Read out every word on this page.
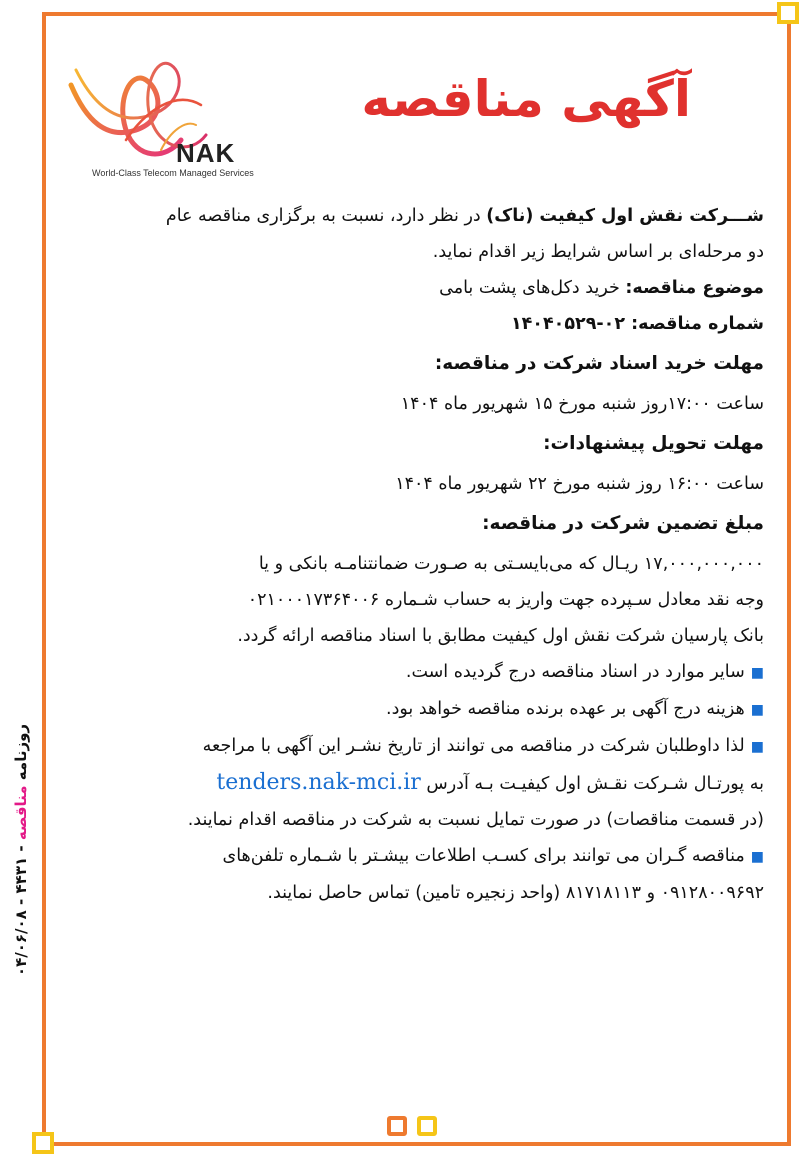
NAK
World-Class Telecom Managed Services
آگهی مناقصه
روزنامه مناقصه - ۴۴۳۱ - ۰۴/۰۶/۰۸
شـــرکت نقش اول کیفیت (ناک) در نظر دارد، نسبت به برگزاری مناقصه عام
دو مرحله‌ای بر اساس شرایط زیر اقدام نماید.
موضوع مناقصه: خرید دکل‌های پشت بامی
شماره مناقصه: ۰۲-۱۴۰۴۰۵۲۹
مهلت خرید اسناد شرکت در مناقصه:
ساعت ۱۷:۰۰روز شنبه مورخ ۱۵ شهریور ماه ۱۴۰۴
مهلت تحویل پیشنهادات:
ساعت ۱۶:۰۰ روز شنبه مورخ ۲۲ شهریور ماه ۱۴۰۴
مبلغ تضمین شرکت در مناقصه:
۱۷,۰۰۰,۰۰۰,۰۰۰ ریـال که می‌بایسـتی به صـورت ضمانتنامـه بانکی و یا
وجه نقد معادل سـپرده جهت واریز به حساب شـماره ۰۲۱۰۰۰۱۷۳۶۴۰۰۶
بانک پارسیان شرکت نقش اول کیفیت مطابق با اسناد مناقصه ارائه گردد.
■سایر موارد در اسناد مناقصه درج گردیده است.
■هزینه درج آگهی بر عهده برنده مناقصه خواهد بود.
■لذا داوطلبان شرکت در مناقصه می توانند از تاریخ نشـر این آگهی با مراجعه
به پورتـال شـرکت نقـش اول کیفیـت بـه آدرس tenders.nak-mci.ir
(در قسمت مناقصات) در صورت تمایل نسبت به شرکت در مناقصه اقدام نمایند.
■مناقصه گـران می توانند برای کسـب اطلاعات بیشـتر با شـماره تلفن‌های
۰۹۱۲۸۰۰۹۶۹۲ و ۸۱۷۱۸۱۱۳ (واحد زنجیره تامین) تماس حاصل نمایند.
